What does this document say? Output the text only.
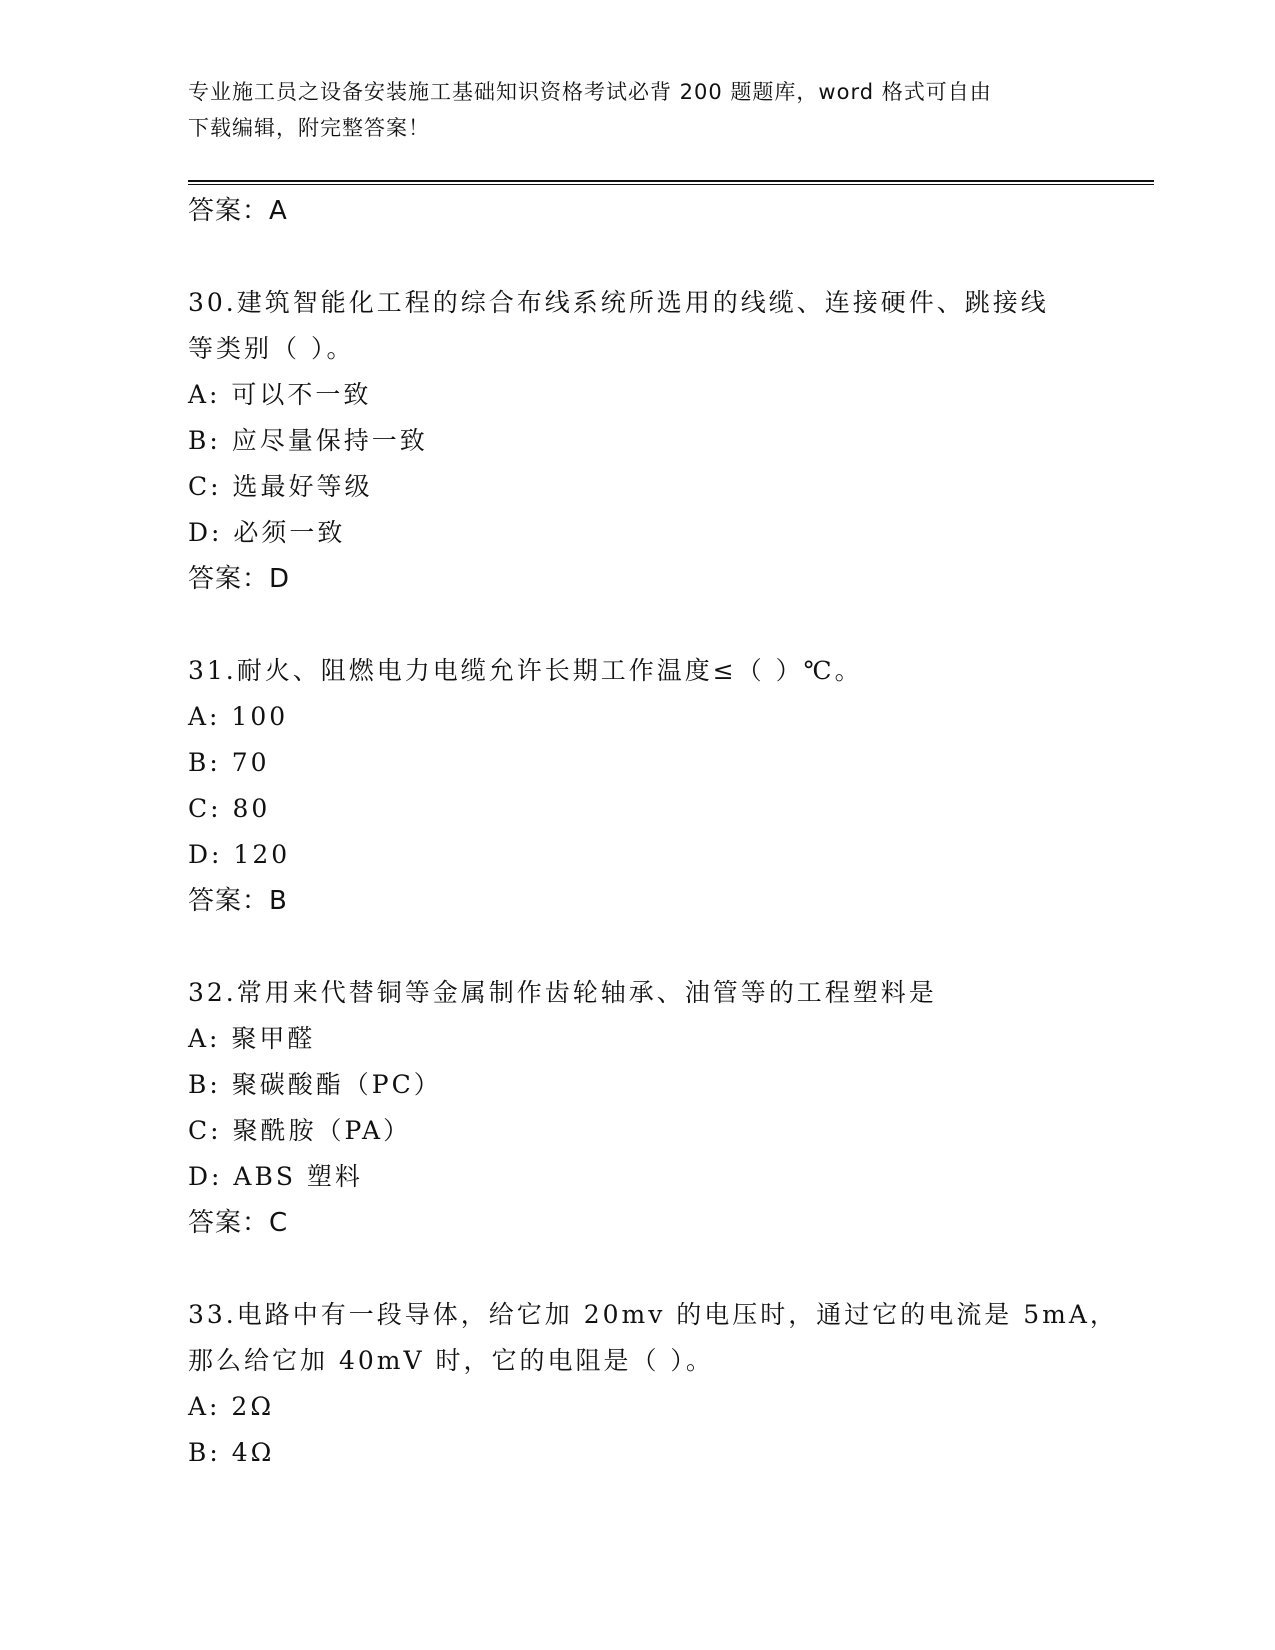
专业施工员之设备安装施工基础知识资格考试必背 200 题题库，word 格式可自由
下载编辑，附完整答案！
答案：A
30.建筑智能化工程的综合布线系统所选用的线缆、连接硬件、跳接线
等类别（ ）。
A: 可以不一致
B: 应尽量保持一致
C: 选最好等级
D: 必须一致
答案：D
31.耐火、阻燃电力电缆允许长期工作温度≤（ ）℃。
A: 100
B: 70
C: 80
D: 120
答案：B
32.常用来代替铜等金属制作齿轮轴承、油管等的工程塑料是
A: 聚甲醛
B: 聚碳酸酯（PC）
C: 聚酰胺（PA）
D: ABS 塑料
答案：C
33.电路中有一段导体，给它加 20mv 的电压时，通过它的电流是 5mA，
那么给它加 40mV 时，它的电阻是（ ）。
A: 2Ω
B: 4Ω
